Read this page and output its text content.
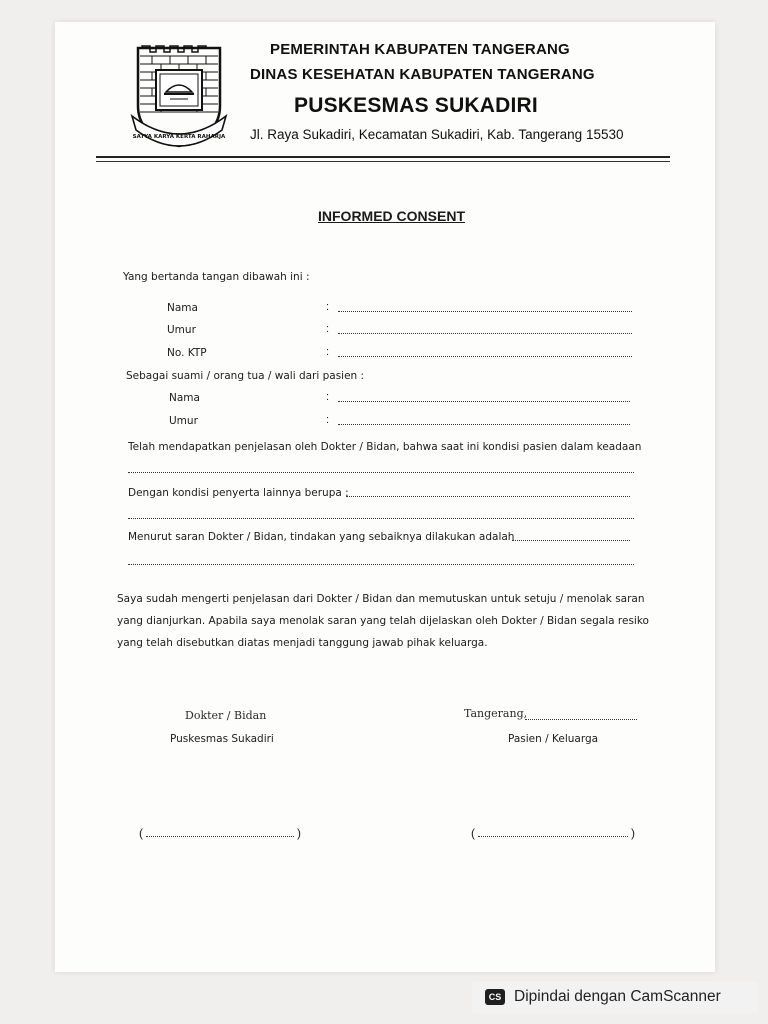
SATYA KARYA KERTA RAHARJA
PEMERINTAH KABUPATEN TANGERANG
DINAS KESEHATAN KABUPATEN TANGERANG
PUSKESMAS SUKADIRI
Jl. Raya Sukadiri, Kecamatan Sukadiri, Kab. Tangerang 15530
INFORMED CONSENT
Yang bertanda tangan dibawah ini :
Nama	:
Umur	:
No. KTP	:
Sebagai suami / orang tua / wali dari pasien :
Nama	:
Umur	:
Telah mendapatkan penjelasan oleh Dokter / Bidan, bahwa saat ini kondisi pasien dalam keadaan
Dengan kondisi penyerta lainnya berupa :
Menurut saran Dokter / Bidan, tindakan yang sebaiknya dilakukan adalah
Saya sudah mengerti penjelasan dari Dokter / Bidan dan memutuskan untuk setuju / menolak saran
yang dianjurkan. Apabila saya menolak saran yang telah dijelaskan oleh Dokter / Bidan segala resiko
yang telah disebutkan diatas menjadi tanggung jawab pihak keluarga.
Dokter / Bidan
Puskesmas Sukadiri
Tangerang,
Pasien / Keluarga
(	)	(	)
CS Dipindai dengan CamScanner
